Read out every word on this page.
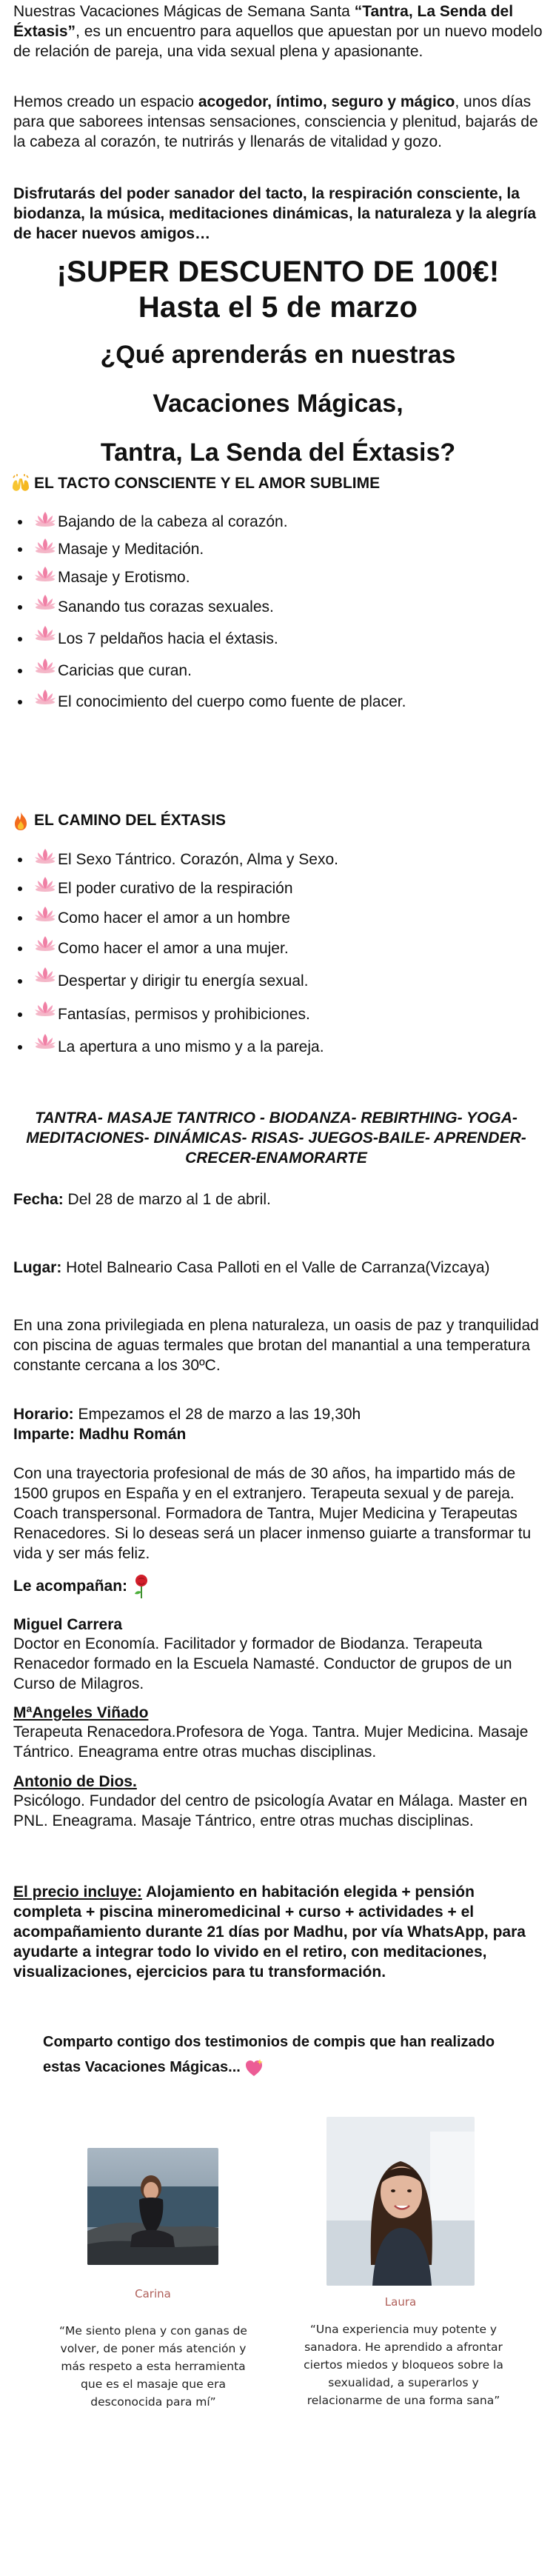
Nuestras Vacaciones Mágicas de Semana Santa “Tantra, La Senda del Éxtasis”, es un encuentro para aquellos que apuestan por un nuevo modelo de relación de pareja, una vida sexual plena y apasionante.

Hemos creado un espacio acogedor, íntimo, seguro y mágico, unos días para que saborees intensas sensaciones, consciencia y plenitud, bajarás de la cabeza al corazón, te nutrirás y llenarás de vitalidad y gozo.

Disfrutarás del poder sanador del tacto, la respiración consciente, la biodanza, la música, meditaciones dinámicas, la naturaleza y la alegría de hacer nuevos amigos…

¡SUPER DESCUENTO DE 100€!
Hasta el 5 de marzo
¿Qué aprenderás en nuestras
Vacaciones Mágicas,
Tantra, La Senda del Éxtasis?
EL TACTO CONSCIENTE Y EL AMOR SUBLIME
Bajando de la cabeza al corazón.
Masaje y Meditación.
Masaje y Erotismo.
Sanando tus corazas sexuales.
Los 7 peldaños hacia el éxtasis.
Caricias que curan.
El conocimiento del cuerpo como fuente de placer.
EL CAMINO DEL ÉXTASIS
El Sexo Tántrico. Corazón, Alma y Sexo.
El poder curativo de la respiración
Como hacer el amor a un hombre
Como hacer el amor a una mujer.
Despertar y dirigir tu energía sexual.
Fantasías, permisos y prohibiciones.
La apertura a uno mismo y a la pareja.
TANTRA- MASAJE TANTRICO - BIODANZA- REBIRTHING- YOGA- MEDITACIONES- DINÁMICAS- RISAS- JUEGOS-BAILE- APRENDER-CRECER-ENAMORARTE

Fecha: Del 28 de marzo al 1 de abril.

Lugar: Hotel Balneario Casa Palloti en el Valle de Carranza(Vizcaya)

En una zona privilegiada en plena naturaleza, un oasis de paz y tranquilidad con piscina de aguas termales que brotan del manantial a una temperatura constante cercana a los 30ºC.

Horario: Empezamos el 28 de marzo a las 19,30h

Imparte: Madhu Román

Con una trayectoria profesional de más de 30 años, ha impartido más de 1500 grupos en España y en el extranjero. Terapeuta sexual y de pareja. Coach transpersonal. Formadora de Tantra, Mujer Medicina y Terapeutas Renacedores. Si lo deseas será un placer inmenso guiarte a transformar tu vida y ser más feliz.

Le acompañan:

Miguel Carrera

Doctor en Economía. Facilitador y formador de Biodanza. Terapeuta Renacedor formado en la Escuela Namasté. Conductor de grupos de un Curso de Milagros.

MªAngeles Viñado

Terapeuta Renacedora.Profesora de Yoga. Tantra. Mujer Medicina. Masaje Tántrico. Eneagrama entre otras muchas disciplinas.

Antonio de Dios.

Psicólogo. Fundador del centro de psicología Avatar en Málaga. Master en PNL. Eneagrama. Masaje Tántrico, entre otras muchas disciplinas.

El precio incluye: Alojamiento en habitación elegida + pensión completa + piscina mineromedicinal + curso + actividades + el acompañamiento durante 21 días por Madhu, por vía WhatsApp, para ayudarte a integrar todo lo vivido en el retiro, con meditaciones, visualizaciones, ejercicios para tu transformación.

Comparto contigo dos testimonios de compis que han realizado estas Vacaciones Mágicas...

Carina
“Me siento plena y con ganas de volver, de poner más atención y más respeto a esta herramienta que es el masaje que era desconocida para mí”
Laura
“Una experiencia muy potente y sanadora. He aprendido a afrontar ciertos miedos y bloqueos sobre la sexualidad, a superarlos y relacionarme de una forma sana”
